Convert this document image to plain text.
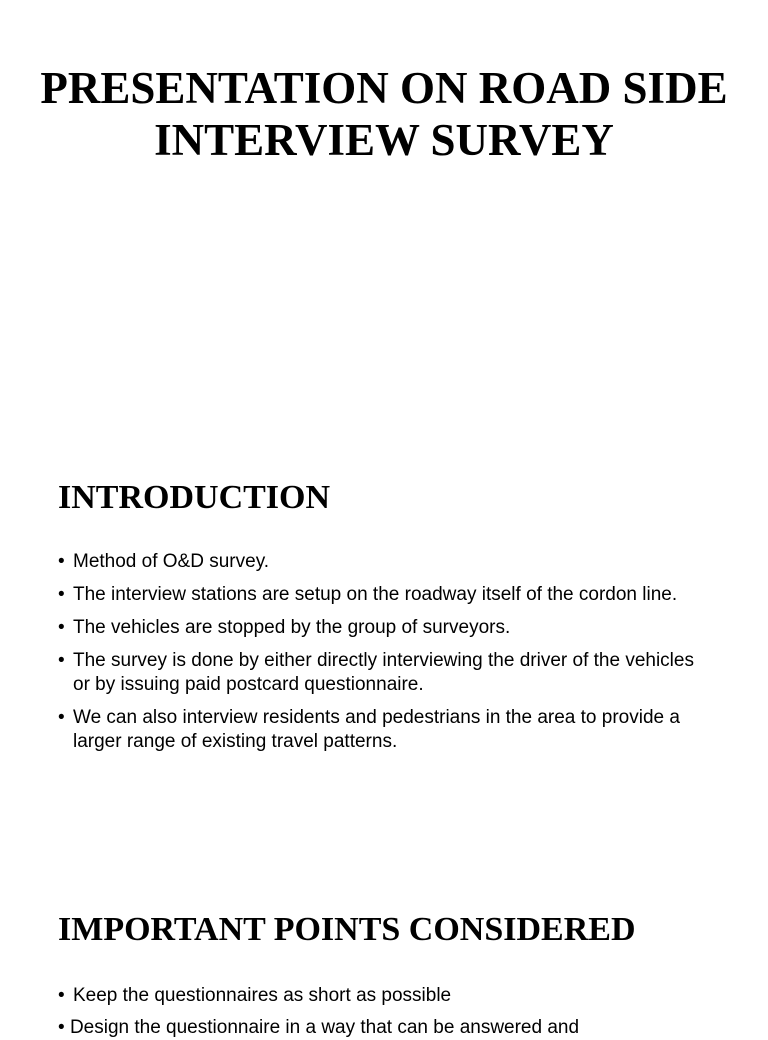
PRESENTATION ON ROAD SIDE INTERVIEW SURVEY
INTRODUCTION
• Method of O&D survey.
• The interview stations are setup on the roadway itself of the cordon line.
• The vehicles are stopped by the group of surveyors.
• The survey is done by either directly interviewing the driver of the vehicles or by issuing paid postcard questionnaire.
• We can also interview residents and pedestrians in the area to provide a larger range of existing travel patterns.
IMPORTANT POINTS CONSIDERED
• Keep the questionnaires as short as possible
• Design the questionnaire in a way that can be answered and
